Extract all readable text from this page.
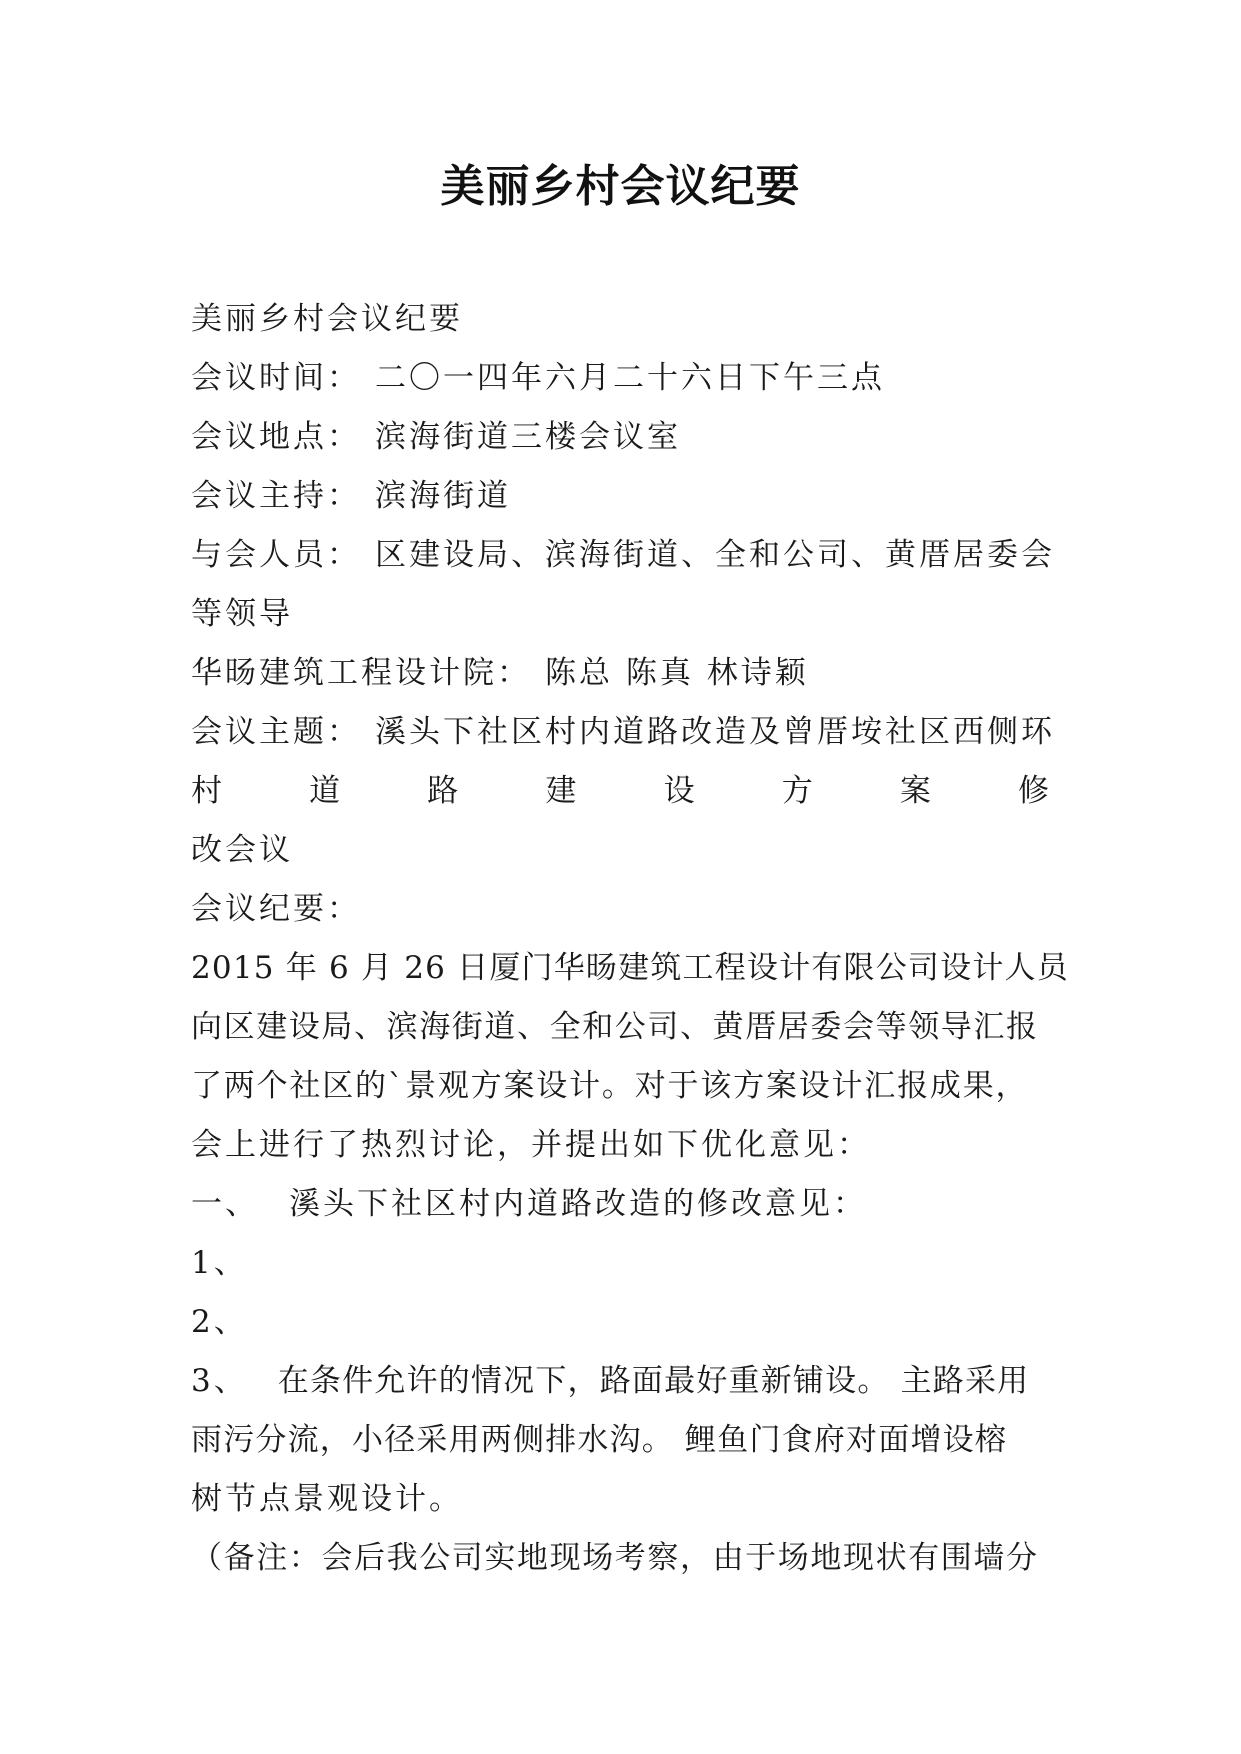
美丽乡村会议纪要
美丽乡村会议纪要
会议时间： 二〇一四年六月二十六日下午三点
会议地点： 滨海街道三楼会议室
会议主持： 滨海街道
与会人员： 区建设局、滨海街道、全和公司、黄厝居委会
等领导
华旸建筑工程设计院： 陈总 陈真 林诗颖
会议主题： 溪头下社区村内道路改造及曾厝垵社区西侧环
村	道	路	建	设	方	案	修
改会议
会议纪要：
2015 年 6 月 26 日厦门华旸建筑工程设计有限公司设计人员
向区建设局、滨海街道、全和公司、黄厝居委会等领导汇报
了两个社区的`景观方案设计。对于该方案设计汇报成果，
会上进行了热烈讨论，并提出如下优化意见：
一、 溪头下社区村内道路改造的修改意见：
1、
2、
3、 在条件允许的情况下，路面最好重新铺设。 主路采用
雨污分流，小径采用两侧排水沟。 鲤鱼门食府对面增设榕
树节点景观设计。
（备注：会后我公司实地现场考察，由于场地现状有围墙分
